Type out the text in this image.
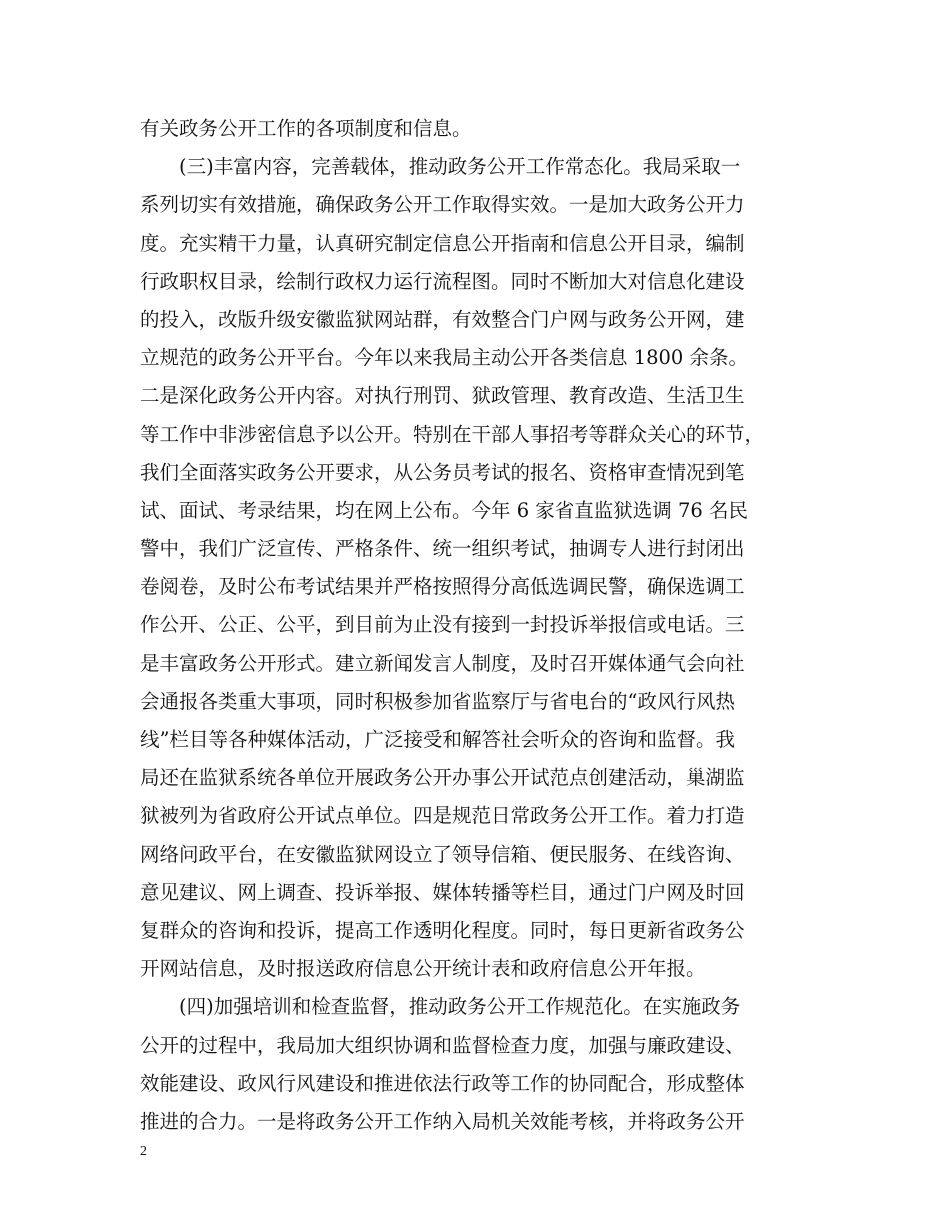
有关政务公开工作的各项制度和信息。

　　(三)丰富内容，完善载体，推动政务公开工作常态化。我局采取一

系列切实有效措施，确保政务公开工作取得实效。一是加大政务公开力

度。充实精干力量，认真研究制定信息公开指南和信息公开目录，编制

行政职权目录，绘制行政权力运行流程图。同时不断加大对信息化建设

的投入，改版升级安徽监狱网站群，有效整合门户网与政务公开网，建

立规范的政务公开平台。今年以来我局主动公开各类信息 1800 余条。

二是深化政务公开内容。对执行刑罚、狱政管理、教育改造、生活卫生

等工作中非涉密信息予以公开。特别在干部人事招考等群众关心的环节，

我们全面落实政务公开要求，从公务员考试的报名、资格审查情况到笔

试、面试、考录结果，均在网上公布。今年 6 家省直监狱选调 76 名民

警中，我们广泛宣传、严格条件、统一组织考试，抽调专人进行封闭出

卷阅卷，及时公布考试结果并严格按照得分高低选调民警，确保选调工

作公开、公正、公平，到目前为止没有接到一封投诉举报信或电话。三

是丰富政务公开形式。建立新闻发言人制度，及时召开媒体通气会向社

会通报各类重大事项，同时积极参加省监察厅与省电台的“政风行风热

线”栏目等各种媒体活动，广泛接受和解答社会听众的咨询和监督。我

局还在监狱系统各单位开展政务公开办事公开试范点创建活动，巢湖监

狱被列为省政府公开试点单位。四是规范日常政务公开工作。着力打造

网络问政平台，在安徽监狱网设立了领导信箱、便民服务、在线咨询、

意见建议、网上调查、投诉举报、媒体转播等栏目，通过门户网及时回

复群众的咨询和投诉，提高工作透明化程度。同时，每日更新省政务公

开网站信息，及时报送政府信息公开统计表和政府信息公开年报。

　　(四)加强培训和检查监督，推动政务公开工作规范化。在实施政务

公开的过程中，我局加大组织协调和监督检查力度，加强与廉政建设、

效能建设、政风行风建设和推进依法行政等工作的协同配合，形成整体

推进的合力。一是将政务公开工作纳入局机关效能考核，并将政务公开

2
